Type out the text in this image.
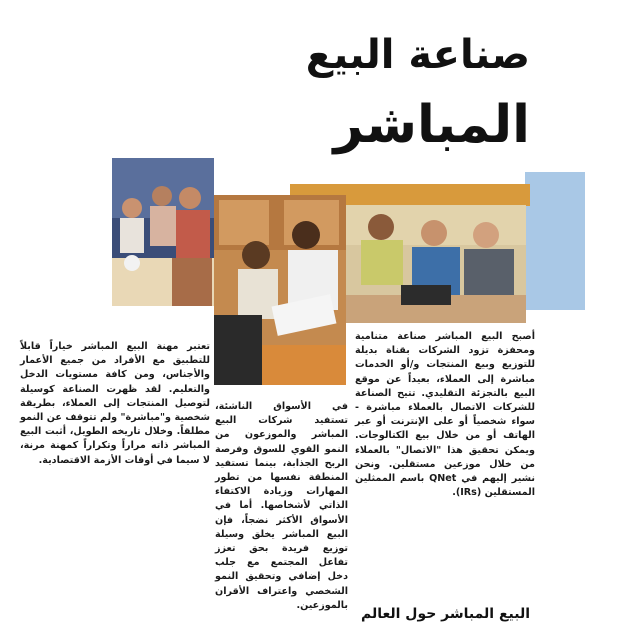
صناعة البيع
المباشر
تعتبر مهنة البيع المباشر خياراً قابلاً للتطبيق مع الأفراد من جميع الأعمار والأجناس، ومن كافة مستويات الدخل والتعليم. لقد ظهرت الصناعة كوسيلة لتوصيل المنتجات إلى العملاء، بطريقة شخصية و"مباشرة" ولم تتوقف عن النمو مطلقاً. وخلال تاريخه الطويل، أثبت البيع المباشر ذاته مراراً وتكراراً كمهنة مرنة، لا سيما في أوقات الأزمة الاقتصادية.
في الأسواق الناشئة، تستفيد شركات البيع المباشر والموزعون من النمو القوي للسوق وفرصة الربح الجذابة، بينما تستفيد المنطقة نفسها من تطور المهارات وزيادة الاكتفاء الذاتي لأشخاصها. أما في الأسواق الأكثر نضجاً، فإن البيع المباشر يخلق وسيلة توزيع فريدة بحق تعزز تفاعل المجتمع مع جلب دخل إضافي وتحقيق النمو الشخصي واعتراف الأقران بالموزعين.
أصبح البيع المباشر صناعة متنامية ومحفزة تزود الشركات بقناة بديلة للتوزيع وبيع المنتجات و/أو الخدمات مباشرة إلى العملاء، بعيداً عن موقع البيع بالتجزئة التقليدي. تتيح الصناعة للشركات الاتصال بالعملاء مباشرة - سواء شخصياً أو على الإنترنت أو عبر الهاتف أو من خلال بيع الكتالوجات. ويمكن تحقيق هذا "الاتصال" بالعملاء من خلال موزعين مستقلين. ونحن نشير إليهم في QNet باسم الممثلين المستقلين (IRs).
البيع المباشر حول العالم
